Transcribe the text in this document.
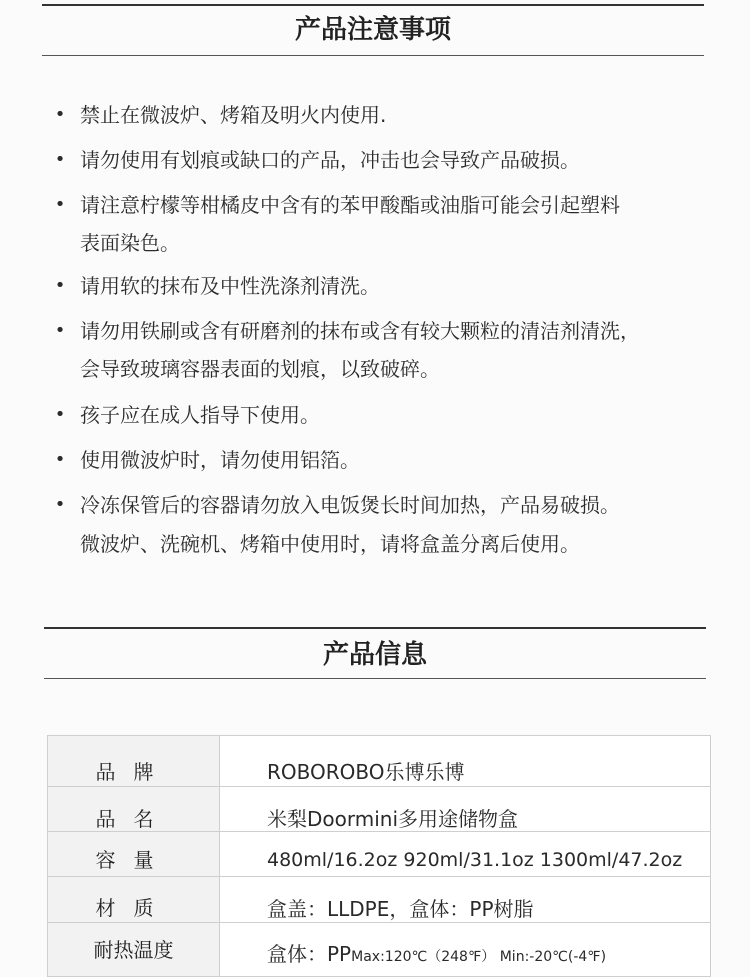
产品注意事项
• 禁止在微波炉、烤箱及明火内使用.
• 请勿使用有划痕或缺口的产品，冲击也会导致产品破损。
• 请注意柠檬等柑橘皮中含有的苯甲酸酯或油脂可能会引起塑料
表面染色。
• 请用软的抹布及中性洗涤剂清洗。
• 请勿用铁刷或含有研磨剂的抹布或含有较大颗粒的清洁剂清洗，
会导致玻璃容器表面的划痕，以致破碎。
• 孩子应在成人指导下使用。
• 使用微波炉时，请勿使用铝箔。
• 冷冻保管后的容器请勿放入电饭煲长时间加热，产品易破损。
微波炉、洗碗机、烤箱中使用时，请将盒盖分离后使用。
产品信息
品牌	ROBOROBO乐博乐博
品名	米梨Doormini多用途储物盒
容量	480ml/16.2oz 920ml/31.1oz 1300ml/47.2oz
材质	盒盖：LLDPE，盒体：PP树脂
耐热温度	盒体：PPMax:120℃（248℉） Min:-20℃(-4℉)
